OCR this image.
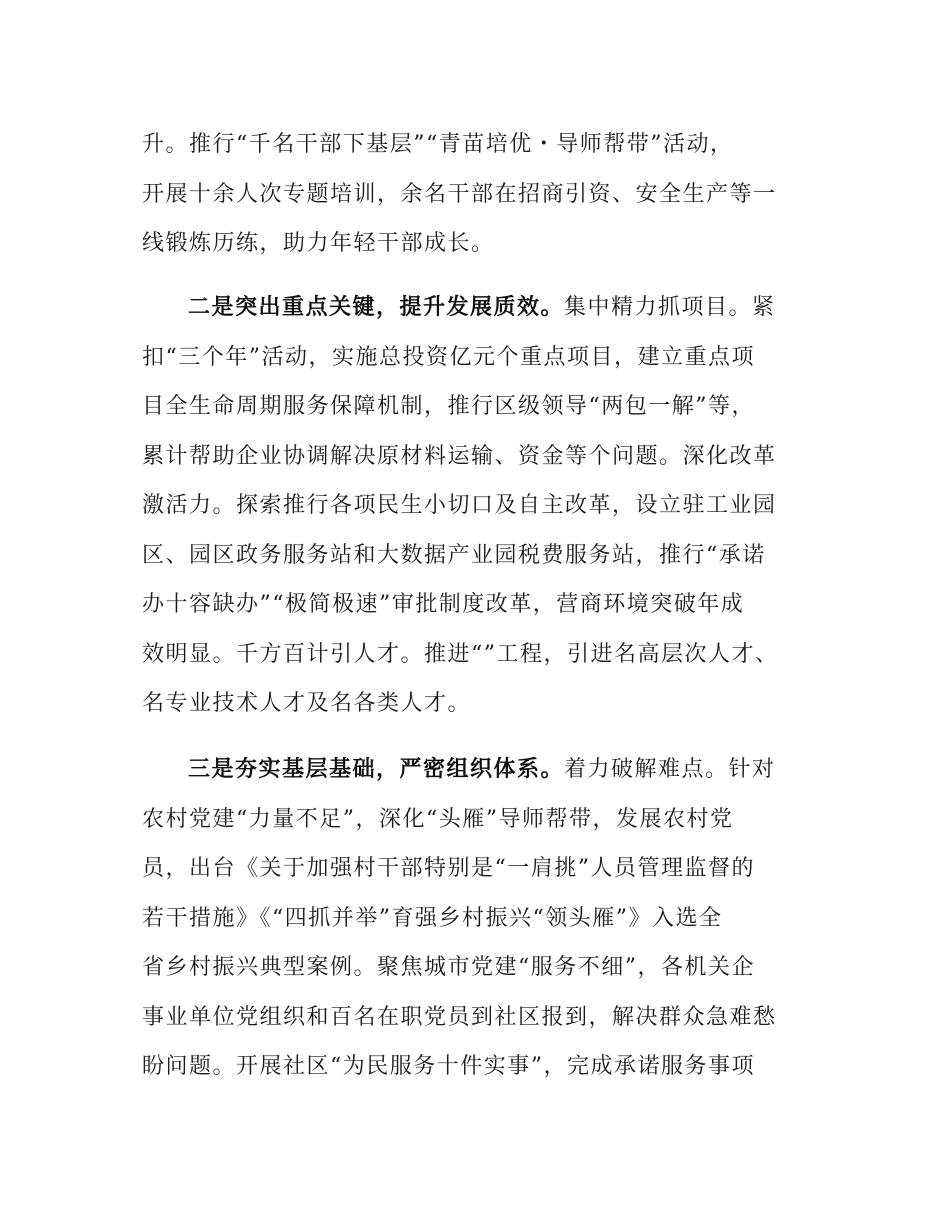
升。推行“千名干部下基层”“青苗培优・导师帮带”活动，

开展十余人次专题培训，余名干部在招商引资、安全生产等一

线锻炼历练，助力年轻干部成长。

二是突出重点关键，提升发展质效。集中精力抓项目。紧

扣“三个年”活动，实施总投资亿元个重点项目，建立重点项

目全生命周期服务保障机制，推行区级领导“两包一解”等，

累计帮助企业协调解决原材料运输、资金等个问题。深化改革

激活力。探索推行各项民生小切口及自主改革，设立驻工业园

区、园区政务服务站和大数据产业园税费服务站，推行“承诺

办十容缺办”“极简极速”审批制度改革，营商环境突破年成

效明显。千方百计引人才。推进“”工程，引进名高层次人才、

名专业技术人才及名各类人才。

三是夯实基层基础，严密组织体系。着力破解难点。针对

农村党建“力量不足”，深化“头雁”导师帮带，发展农村党

员，出台《关于加强村干部特别是“一肩挑”人员管理监督的

若干措施》《“四抓并举”育强乡村振兴“领头雁”》入选全

省乡村振兴典型案例。聚焦城市党建“服务不细”，各机关企

事业单位党组织和百名在职党员到社区报到，解决群众急难愁

盼问题。开展社区“为民服务十件实事”，完成承诺服务事项
